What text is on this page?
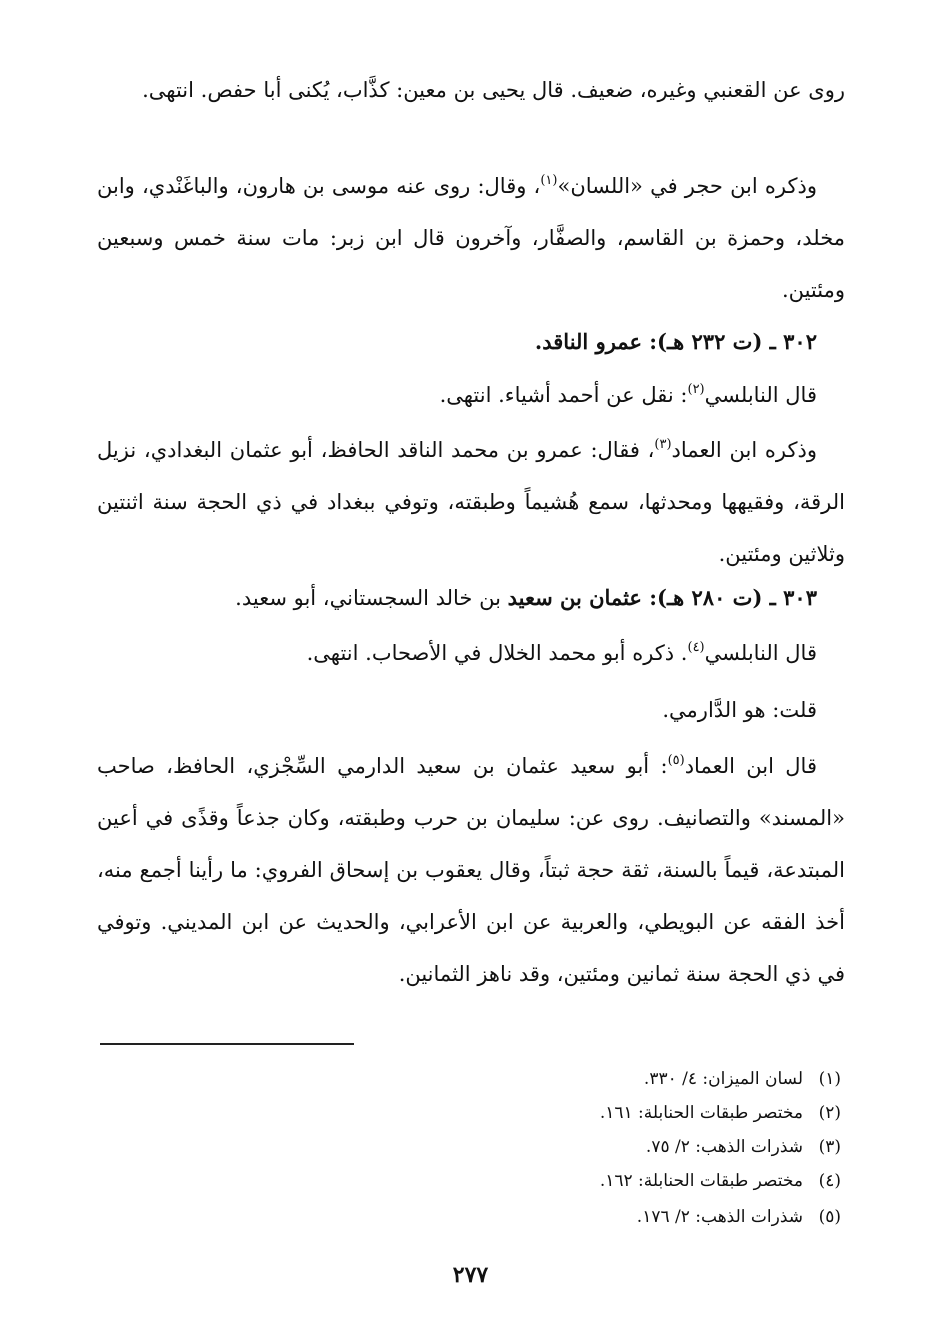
روى عن القعنبي وغيره، ضعيف. قال يحيى بن معين: كذَّاب، يُكنى أبا حفص. انتهى.
وذكره ابن حجر في «اللسان»$^{(١)}$، وقال: روى عنه موسى بن هارون، والباغَنْدي، وابن مخلد، وحمزة بن القاسم، والصفَّار، وآخرون قال ابن زبر: مات سنة خمس وسبعين ومئتين.
٣٠٢ ـ (ت ٢٣٢ هـ): عمرو الناقد.
قال النابلسي$^{(٢)}$: نقل عن أحمد أشياء. انتهى.
وذكره ابن العماد$^{(٣)}$، فقال: عمرو بن محمد الناقد الحافظ، أبو عثمان البغدادي، نزيل الرقة، وفقيهها ومحدثها، سمع هُشيماً وطبقته، وتوفي ببغداد في ذي الحجة سنة اثنتين وثلاثين ومئتين.
٣٠٣ ـ (ت ٢٨٠ هـ): عثمان بن سعيد بن خالد السجستاني، أبو سعيد.
قال النابلسي$^{(٤)}$. ذكره أبو محمد الخلال في الأصحاب. انتهى.
قلت: هو الدَّارمي.
قال ابن العماد$^{(٥)}$: أبو سعيد عثمان بن سعيد الدارمي السِّجْزي، الحافظ، صاحب «المسند» والتصانيف. روى عن: سليمان بن حرب وطبقته، وكان جذعاً وقذًى في أعين المبتدعة، قيماً بالسنة، ثقة حجة ثبتاً، وقال يعقوب بن إسحاق الفروي: ما رأينا أجمع منه، أخذ الفقه عن البويطي، والعربية عن ابن الأعرابي، والحديث عن ابن المديني. وتوفي في ذي الحجة سنة ثمانين ومئتين، وقد ناهز الثمانين.
(١)لسان الميزان: ٤/ ٣٣٠.
(٢)مختصر طبقات الحنابلة: ١٦١.
(٣)شذرات الذهب: ٢/ ٧٥.
(٤)مختصر طبقات الحنابلة: ١٦٢.
(٥)شذرات الذهب: ٢/ ١٧٦.
٢٧٧
